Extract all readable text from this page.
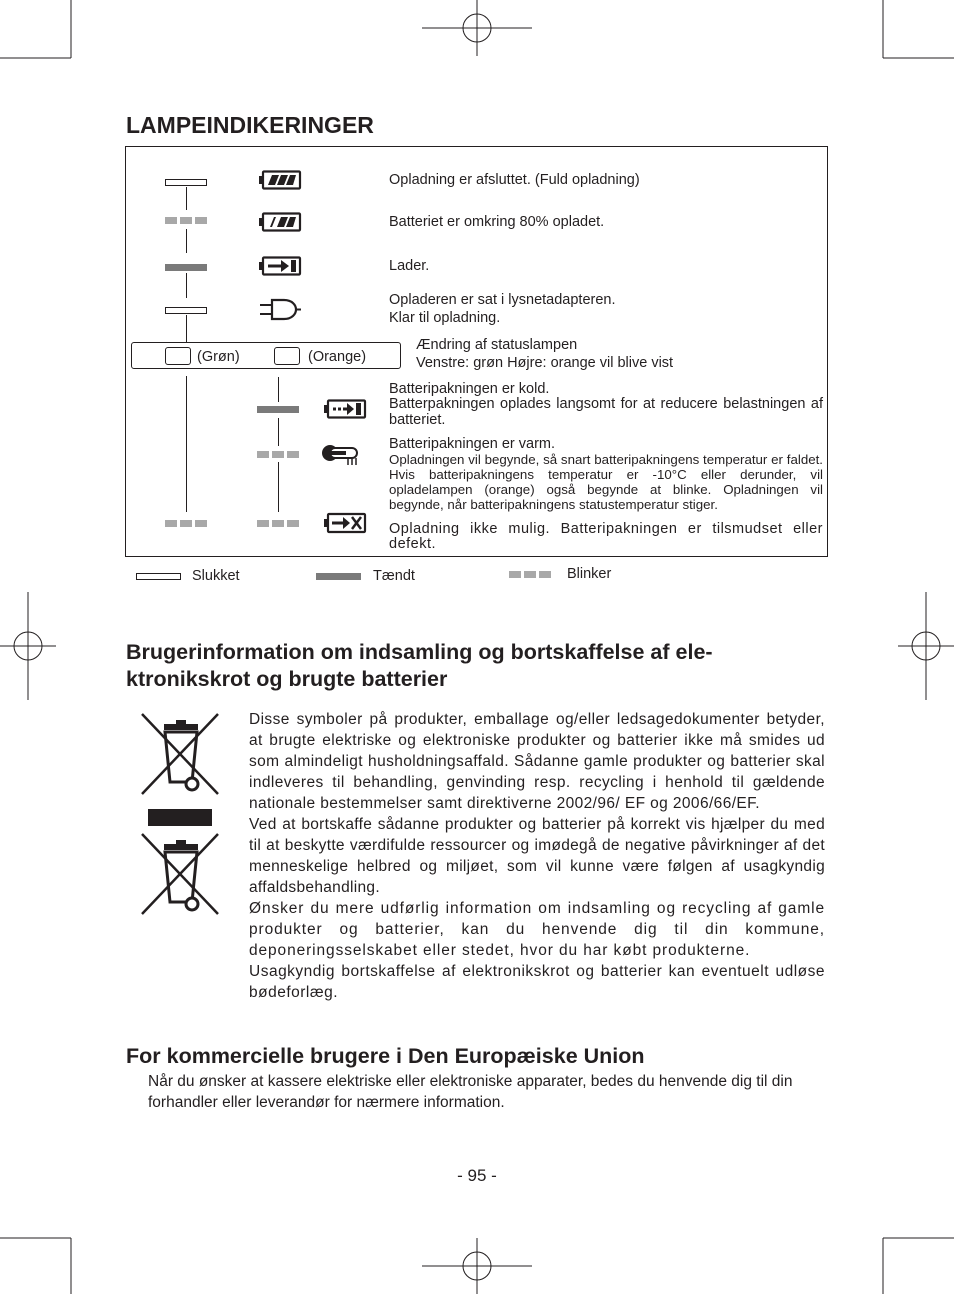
LAMPEINDIKERINGER
Opladning er afsluttet. (Fuld opladning)
Batteriet er omkring 80% opladet.
Lader.
Opladeren er sat i lysnetadapteren.
Klar til opladning.
(Grøn)	(Orange)
Ændring af statuslampen
Venstre: grøn Højre: orange vil blive vist
Batteripakningen er kold.
Batterpakningen oplades langsomt for at reducere belastningen af batteriet.
Batteripakningen er varm.
Opladningen vil begynde, så snart batteripakningens temperatur er faldet. Hvis batteripakningens temperatur er -10°C eller derunder, vil opladelampen (orange) også begynde at blinke. Opladningen vil begynde, når batteripakningens statustemperatur stiger.
Opladning ikke mulig. Batteripakningen er tilsmudset eller defekt.
Slukket	Tændt	Blinker
Brugerinformation om indsamling og bortskaffelse af ele-
ktronikskrot og brugte batterier

Disse symboler på produkter, emballage og/eller ledsagedokumenter betyder, at brugte elektriske og elektroniske produkter og batterier ikke må smides ud som almindeligt husholdningsaffald. Sådanne gamle produkter og batterier skal indleveres til behandling, genvinding resp. recycling i henhold til gældende nationale bestemmelser samt direktiverne 2002/96/ EF og 2006/66/EF.

Ved at bortskaffe sådanne produkter og batterier på korrekt vis hjælper du med til at beskytte værdifulde ressourcer og imødegå de negative påvirkninger af det menneskelige helbred og miljøet, som vil kunne være følgen af usagkyndig affaldsbehandling.

Ønsker du mere udførlig information om indsamling og recycling af gamle produkter og batterier, kan du henvende dig til din kommune, deponeringsselskabet eller stedet, hvor du har købt produkterne.

Usagkyndig bortskaffelse af elektronikskrot og batterier kan eventuelt udløse bødeforlæg.

For kommercielle brugere i Den Europæiske Union
Når du ønsker at kassere elektriske eller elektroniske apparater, bedes du henvende dig til din forhandler eller leverandør for nærmere information.
- 95 -
